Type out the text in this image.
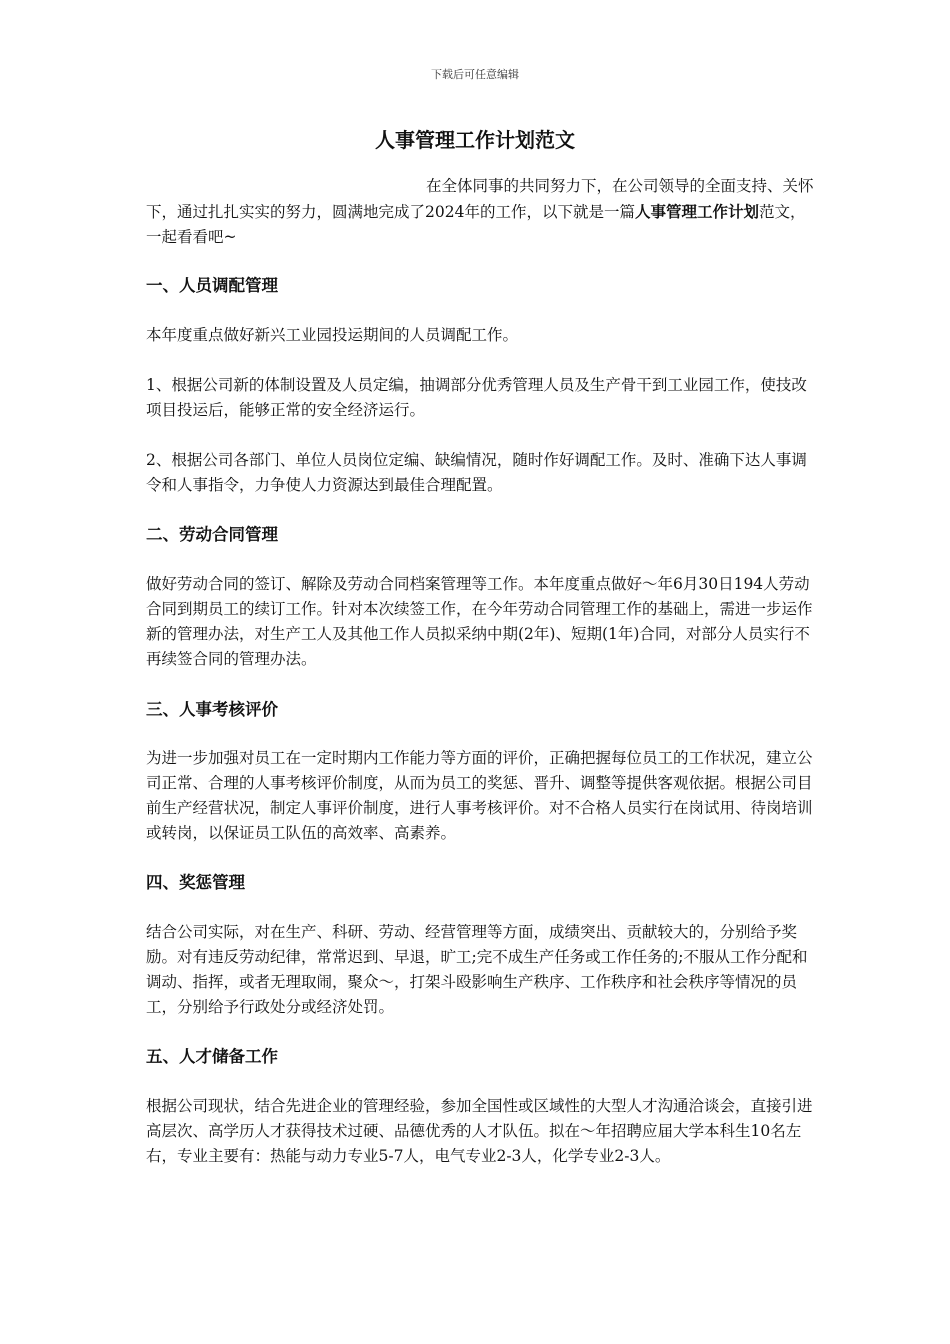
下载后可任意编辑
人事管理工作计划范文

在全体同事的共同努力下，在公司领导的全面支持、关怀下，通过扎扎实实的努力，圆满地完成了2024年的工作，以下就是一篇人事管理工作计划范文，一起看看吧~

一、人员调配管理

本年度重点做好新兴工业园投运期间的人员调配工作。

1、根据公司新的体制设置及人员定编，抽调部分优秀管理人员及生产骨干到工业园工作，使技改项目投运后，能够正常的安全经济运行。

2、根据公司各部门、单位人员岗位定编、缺编情况，随时作好调配工作。及时、准确下达人事调令和人事指令，力争使人力资源达到最佳合理配置。

二、劳动合同管理

做好劳动合同的签订、解除及劳动合同档案管理等工作。本年度重点做好～年6月30日194人劳动合同到期员工的续订工作。针对本次续签工作，在今年劳动合同管理工作的基础上，需进一步运作新的管理办法，对生产工人及其他工作人员拟采纳中期(2年)、短期(1年)合同，对部分人员实行不再续签合同的管理办法。

三、人事考核评价

为进一步加强对员工在一定时期内工作能力等方面的评价，正确把握每位员工的工作状况，建立公司正常、合理的人事考核评价制度，从而为员工的奖惩、晋升、调整等提供客观依据。根据公司目前生产经营状况，制定人事评价制度，进行人事考核评价。对不合格人员实行在岗试用、待岗培训或转岗，以保证员工队伍的高效率、高素养。

四、奖惩管理

结合公司实际，对在生产、科研、劳动、经营管理等方面，成绩突出、贡献较大的，分别给予奖励。对有违反劳动纪律，常常迟到、早退，旷工;完不成生产任务或工作任务的;不服从工作分配和调动、指挥，或者无理取闹，聚众～，打架斗殴影响生产秩序、工作秩序和社会秩序等情况的员工，分别给予行政处分或经济处罚。

五、人才储备工作

根据公司现状，结合先进企业的管理经验，参加全国性或区域性的大型人才沟通洽谈会，直接引进高层次、高学历人才获得技术过硬、品德优秀的人才队伍。拟在～年招聘应届大学本科生10名左右，专业主要有：热能与动力专业5-7人，电气专业2-3人，化学专业2-3人。
